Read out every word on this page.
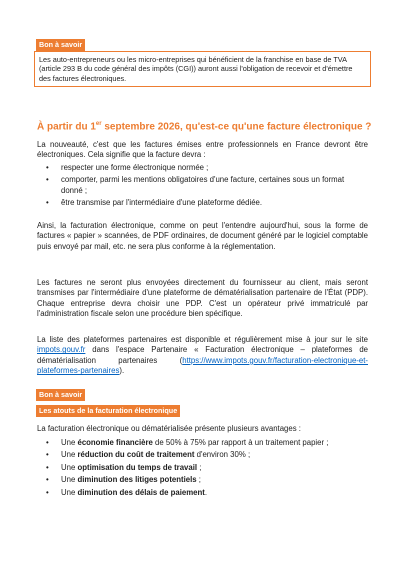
Bon à savoir
Les auto-entrepreneurs ou les micro-entreprises qui bénéficient de la franchise en base de TVA (article 293 B du code général des impôts (CGI)) auront aussi l'obligation de recevoir et d'émettre des factures électroniques.
À partir du 1er septembre 2026, qu'est-ce qu'une facture électronique ?
La nouveauté, c'est que les factures émises entre professionnels en France devront être électroniques. Cela signifie que la facture devra :
• respecter une forme électronique normée ;
• comporter, parmi les mentions obligatoires d'une facture, certaines sous un format donné ;
• être transmise par l'intermédiaire d'une plateforme dédiée.
Ainsi, la facturation électronique, comme on peut l'entendre aujourd'hui, sous la forme de factures « papier » scannées, de PDF ordinaires, de document généré par le logiciel comptable puis envoyé par mail, etc. ne sera plus conforme à la réglementation.
Les factures ne seront plus envoyées directement du fournisseur au client, mais seront transmises par l'intermédiaire d'une plateforme de dématérialisation partenaire de l'État (PDP). Chaque entreprise devra choisir une PDP. C'est un opérateur privé immatriculé par l'administration fiscale selon une procédure bien spécifique.
La liste des plateformes partenaires est disponible et régulièrement mise à jour sur le site impots.gouv.fr dans l'espace Partenaire « Facturation électronique – plateformes de dématérialisation partenaires (https://www.impots.gouv.fr/facturation-electronique-et-plateformes-partenaires).
Bon à savoir
Les atouts de la facturation électronique
La facturation électronique ou dématérialisée présente plusieurs avantages :
• Une économie financière de 50% à 75% par rapport à un traitement papier ;
• Une réduction du coût de traitement d'environ 30% ;
• Une optimisation du temps de travail ;
• Une diminution des litiges potentiels ;
• Une diminution des délais de paiement.
